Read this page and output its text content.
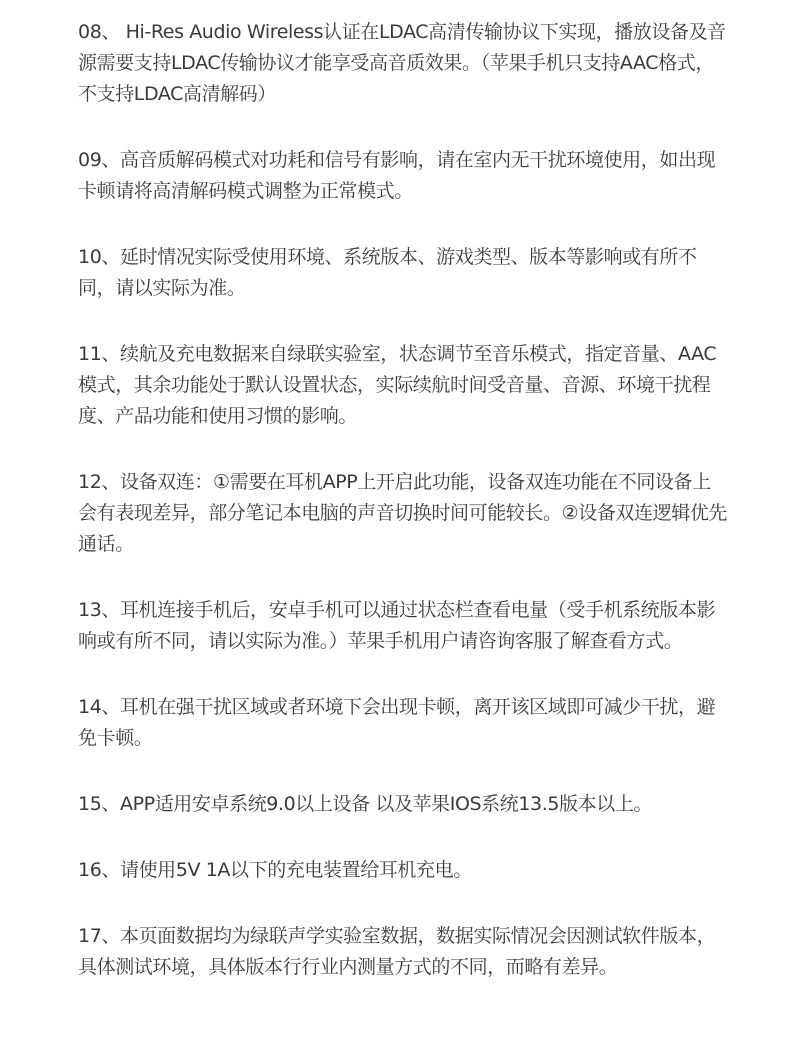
08、 Hi-Res Audio Wireless认证在LDAC高清传输协议下实现，播放设备及音源需要支持LDAC传输协议才能享受高音质效果。（苹果手机只支持AAC格式，不支持LDAC高清解码）
09、高音质解码模式对功耗和信号有影响，请在室内无干扰环境使用，如出现卡顿请将高清解码模式调整为正常模式。
10、延时情况实际受使用环境、系统版本、游戏类型、版本等影响或有所不同，请以实际为准。
11、续航及充电数据来自绿联实验室，状态调节至音乐模式，指定音量、AAC模式，其余功能处于默认设置状态，实际续航时间受音量、音源、环境干扰程度、产品功能和使用习惯的影响。
12、设备双连：①需要在耳机APP上开启此功能，设备双连功能在不同设备上会有表现差异，部分笔记本电脑的声音切换时间可能较长。②设备双连逻辑优先通话。
13、耳机连接手机后，安卓手机可以通过状态栏查看电量（受手机系统版本影响或有所不同，请以实际为准。）苹果手机用户请咨询客服了解查看方式。
14、耳机在强干扰区域或者环境下会出现卡顿，离开该区域即可减少干扰，避免卡顿。
15、APP适用安卓系统9.0以上设备 以及苹果IOS系统13.5版本以上。
16、请使用5V 1A以下的充电装置给耳机充电。
17、本页面数据均为绿联声学实验室数据，数据实际情况会因测试软件版本，具体测试环境，具体版本行行业内测量方式的不同，而略有差异。
